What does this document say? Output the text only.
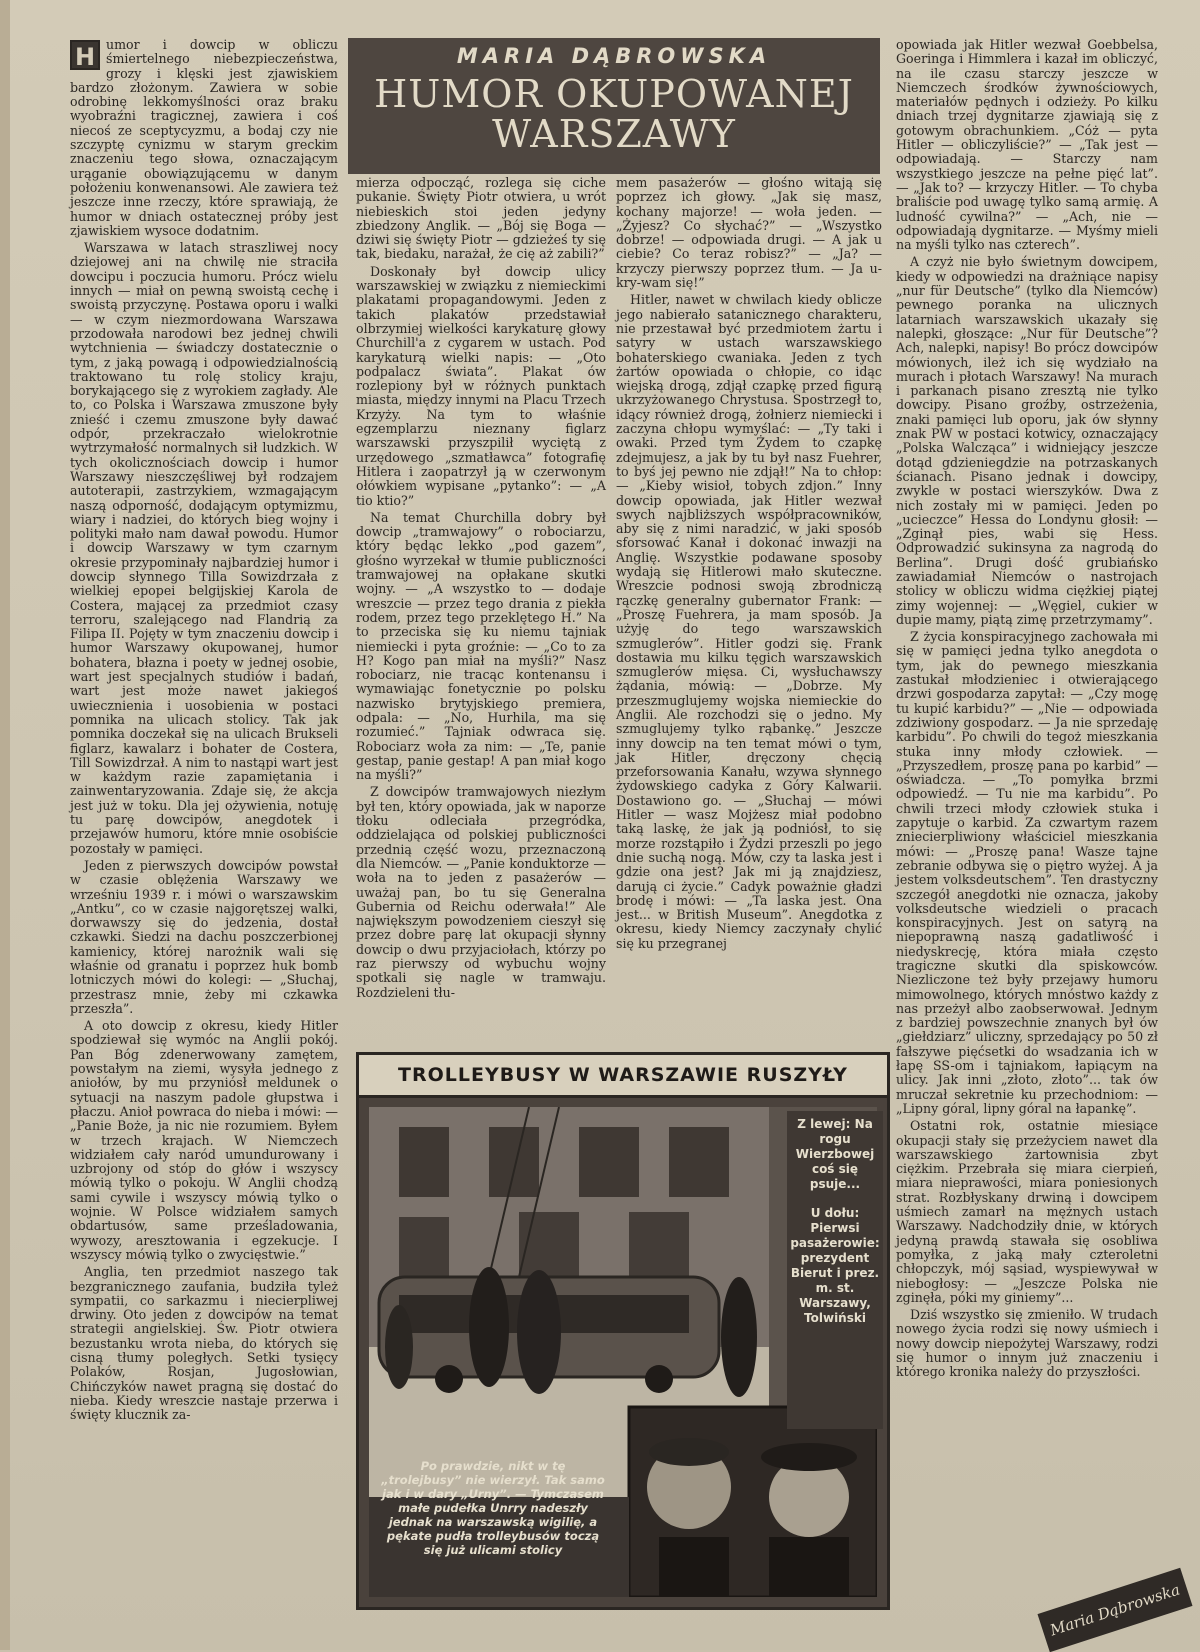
H umor i dowcip w obliczu śmiertelnego niebezpieczeństwa, grozy i klęski jest zjawiskiem bardzo złożonym. Zawiera w sobie odrobinę lekkomyślności oraz braku wyobraźni tragicznej, zawiera i coś niecoś ze sceptycyzmu, a bodaj czy nie szczyptę cynizmu w starym greckim znaczeniu tego słowa, oznaczającym urąganie obowiązującemu w danym położeniu konwenansowi. Ale zawiera też jeszcze inne rzeczy, które sprawiają, że humor w dniach ostatecznej próby jest zjawiskiem wysoce dodatnim.

Warszawa w latach straszliwej nocy dziejowej ani na chwilę nie straciła dowcipu i poczucia humoru. Prócz wielu innych — miał on pewną swoistą cechę i swoistą przyczynę. Postawa oporu i walki — w czym niezmordowana Warszawa przodowała narodowi bez jednej chwili wytchnienia — świadczy dostatecznie o tym, z jaką powagą i odpowiedzialnością traktowano tu rolę stolicy kraju, borykającego się z wyrokiem zagłady. Ale to, co Polska i Warszawa zmuszone były znieść i czemu zmuszone były dawać odpór, przekraczało wielokrotnie wytrzymałość normalnych sił ludzkich. W tych okolicznościach dowcip i humor Warszawy nieszczęśliwej był rodzajem autoterapii, zastrzykiem, wzmagającym naszą odporność, dodającym optymizmu, wiary i nadziei, do których bieg wojny i polityki mało nam dawał powodu. Humor i dowcip Warszawy w tym czarnym okresie przypominały najbardziej humor i dowcip słynnego Tilla Sowizdrzała z wielkiej epopei belgijskiej Karola de Costera, mającej za przedmiot czasy terroru, szalejącego nad Flandrią za Filipa II. Pojęty w tym znaczeniu dowcip i humor Warszawy okupowanej, humor bohatera, błazna i poety w jednej osobie, wart jest specjalnych studiów i badań, wart jest może nawet jakiegoś uwiecznienia i uosobienia w postaci pomnika na ulicach stolicy. Tak jak pomnika doczekał się na ulicach Brukseli figlarz, kawalarz i bohater de Costera, Till Sowizdrzał. A nim to nastąpi wart jest w każdym razie zapamiętania i zainwentaryzowania. Zdaje się, że akcja jest już w toku. Dla jej ożywienia, notuję tu parę dowcipów, anegdotek i przejawów humoru, które mnie osobiście pozostały w pamięci.

Jeden z pierwszych dowcipów powstał w czasie oblężenia Warszawy we wrześniu 1939 r. i mówi o warszawskim „Antku”, co w czasie najgorętszej walki, dorwawszy się do jedzenia, dostał czkawki. Siedzi na dachu poszczerbionej kamienicy, której narożnik wali się właśnie od granatu i poprzez huk bomb lotniczych mówi do kolegi: — „Słuchaj, przestrasz mnie, żeby mi czkawka przeszła”.

A oto dowcip z okresu, kiedy Hitler spodziewał się wymóc na Anglii pokój. Pan Bóg zdenerwowany zamętem, powstałym na ziemi, wysyła jednego z aniołów, by mu przyniósł meldunek o sytuacji na naszym padole głupstwa i płaczu. Anioł powraca do nieba i mówi: — „Panie Boże, ja nic nie rozumiem. Byłem w trzech krajach. W Niemczech widziałem cały naród umundurowany i uzbrojony od stóp do głów i wszyscy mówią tylko o pokoju. W Anglii chodzą sami cywile i wszyscy mówią tylko o wojnie. W Polsce widziałem samych obdartusów, same prześladowania, wywozy, aresztowania i egzekucje. I wszyscy mówią tylko o zwycięstwie.”

Anglia, ten przedmiot naszego tak bezgranicznego zaufania, budziła tyleż sympatii, co sarkazmu i niecierpliwej drwiny. Oto jeden z dowcipów na temat strategii angielskiej. Św. Piotr otwiera bezustanku wrota nieba, do których się cisną tłumy poległych. Setki tysięcy Polaków, Rosjan, Jugosłowian, Chińczyków nawet pragną się dostać do nieba. Kiedy wreszcie nastaje przerwa i święty klucznik za-

MARIA DĄBROWSKA
HUMOR OKUPOWANEJ
WARSZAWY

mierza odpocząć, rozlega się ciche pukanie. Święty Piotr otwiera, u wrót niebieskich stoi jeden jedyny zbiedzony Anglik. — „Bój się Boga — dziwi się święty Piotr — gdzieżeś ty się tak, biedaku, narażał, że cię aż zabili?”

Doskonały był dowcip ulicy warszawskiej w związku z niemieckimi plakatami propagandowymi. Jeden z takich plakatów przedstawiał olbrzymiej wielkości karykaturę głowy Churchill'a z cygarem w ustach. Pod karykaturą wielki napis: — „Oto podpalacz świata”. Plakat ów rozlepiony był w różnych punktach miasta, między innymi na Placu Trzech Krzyży. Na tym to właśnie egzemplarzu nieznany figlarz warszawski przyszpilił wyciętą z urzędowego „szmatławca” fotografię Hitlera i zaopatrzył ją w czerwonym ołówkiem wypisane „pytanko”: — „A tio ktio?”

Na temat Churchilla dobry był dowcip „tramwajowy” o robociarzu, który będąc lekko „pod gazem”, głośno wyrzekał w tłumie publiczności tramwajowej na opłakane skutki wojny. — „A wszystko to — dodaje wreszcie — przez tego drania z piekła rodem, przez tego przeklętego H.” Na to przeciska się ku niemu tajniak niemiecki i pyta groźnie: — „Co to za H? Kogo pan miał na myśli?” Nasz robociarz, nie tracąc kontenansu i wymawiając fonetycznie po polsku nazwisko brytyjskiego premiera, odpala: — „No, Hurhila, ma się rozumieć.” Tajniak odwraca się. Robociarz woła za nim: — „Te, panie gestap, panie gestap! A pan miał kogo na myśli?”

Z dowcipów tramwajowych niezłym był ten, który opowiada, jak w naporze tłoku odleciała przegródka, oddzielająca od polskiej publiczności przednią część wozu, przeznaczoną dla Niemców. — „Panie konduktorze — woła na to jeden z pasażerów — uważaj pan, bo tu się Generalna Gubernia od Reichu oderwała!” Ale największym powodzeniem cieszył się przez dobre parę lat okupacji słynny dowcip o dwu przyjaciołach, którzy po raz pierwszy od wybuchu wojny spotkali się nagle w tramwaju. Rozdzieleni tłu-

mem pasażerów — głośno witają się poprzez ich głowy. „Jak się masz, kochany majorze! — woła jeden. — „Żyjesz? Co słychać?” — „Wszystko dobrze! — odpowiada drugi. — A jak u ciebie? Co teraz robisz?” — „Ja? — krzyczy pierwszy poprzez tłum. — Ja u-kry-wam się!”

Hitler, nawet w chwilach kiedy oblicze jego nabierało satanicznego charakteru, nie przestawał być przedmiotem żartu i satyry w ustach warszawskiego bohaterskiego cwaniaka. Jeden z tych żartów opowiada o chłopie, co idąc wiejską drogą, zdjął czapkę przed figurą ukrzyżowanego Chrystusa. Spostrzegł to, idący również drogą, żołnierz niemiecki i zaczyna chłopu wymyślać: — „Ty taki i owaki. Przed tym Żydem to czapkę zdejmujesz, a jak by tu był nasz Fuehrer, to byś jej pewno nie zdjął!” Na to chłop: — „Kieby wisioł, tobych zdjon.” Inny dowcip opowiada, jak Hitler wezwał swych najbliższych współpracowników, aby się z nimi naradzić, w jaki sposób sforsować Kanał i dokonać inwazji na Anglię. Wszystkie podawane sposoby wydają się Hitlerowi mało skuteczne. Wreszcie podnosi swoją zbrodniczą rączkę generalny gubernator Frank: — „Proszę Fuehrera, ja mam sposób. Ja użyję do tego warszawskich szmuglerów”. Hitler godzi się. Frank dostawia mu kilku tęgich warszawskich szmuglerów mięsa. Ci, wysłuchawszy żądania, mówią: — „Dobrze. My przeszmuglujemy wojska niemieckie do Anglii. Ale rozchodzi się o jedno. My szmuglujemy tylko rąbankę.” Jeszcze inny dowcip na ten temat mówi o tym, jak Hitler, dręczony chęcią przeforsowania Kanału, wzywa słynnego żydowskiego cadyka z Góry Kalwarii. Dostawiono go. — „Słuchaj — mówi Hitler — wasz Mojżesz miał podobno taką laskę, że jak ją podniósł, to się morze rozstąpiło i Żydzi przeszli po jego dnie suchą nogą. Mów, czy ta laska jest i gdzie ona jest? Jak mi ją znajdziesz, darują ci życie.” Cadyk poważnie gładzi brodę i mówi: — „Ta laska jest. Ona jest... w British Museum”. Anegdotka z okresu, kiedy Niemcy zaczynały chylić się ku przegranej

opowiada jak Hitler wezwał Goebbelsa, Goeringa i Himmlera i kazał im obliczyć, na ile czasu starczy jeszcze w Niemczech środków żywnościowych, materiałów pędnych i odzieży. Po kilku dniach trzej dygnitarze zjawiają się z gotowym obrachunkiem. „Cóż — pyta Hitler — obliczyliście?” — „Tak jest — odpowiadają. — Starczy nam wszystkiego jeszcze na pełne pięć lat”. — „Jak to? — krzyczy Hitler. — To chyba braliście pod uwagę tylko samą armię. A ludność cywilna?” — „Ach, nie — odpowiadają dygnitarze. — Myśmy mieli na myśli tylko nas czterech”.

A czyż nie było świetnym dowcipem, kiedy w odpowiedzi na drażniące napisy „nur für Deutsche” (tylko dla Niemców) pewnego poranka na ulicznych latarniach warszawskich ukazały się nalepki, głoszące: „Nur für Deutsche”? Ach, nalepki, napisy! Bo prócz dowcipów mówionych, ileż ich się wydziało na murach i płotach Warszawy! Na murach i parkanach pisano zresztą nie tylko dowcipy. Pisano groźby, ostrzeżenia, znaki pamięci lub oporu, jak ów słynny znak PW w postaci kotwicy, oznaczający „Polska Walcząca” i widniejący jeszcze dotąd gdzieniegdzie na potrzaskanych ścianach. Pisano jednak i dowcipy, zwykle w postaci wierszyków. Dwa z nich zostały mi w pamięci. Jeden po „ucieczce” Hessa do Londynu głosił: — „Zginął pies, wabi się Hess. Odprowadzić sukinsyna za nagrodą do Berlina”. Drugi dość grubiańsko zawiadamiał Niemców o nastrojach stolicy w obliczu widma ciężkiej piątej zimy wojennej: — „Węgiel, cukier w dupie mamy, piątą zimę przetrzymamy”.

Z życia konspiracyjnego zachowała mi się w pamięci jedna tylko anegdota o tym, jak do pewnego mieszkania zastukał młodzieniec i otwierającego drzwi gospodarza zapytał: — „Czy mogę tu kupić karbidu?” — „Nie — odpowiada zdziwiony gospodarz. — Ja nie sprzedaję karbidu”. Po chwili do tegoż mieszkania stuka inny młody człowiek. — „Przyszedłem, proszę pana po karbid” — oświadcza. — „To pomyłka brzmi odpowiedź. — Tu nie ma karbidu”. Po chwili trzeci młody człowiek stuka i zapytuje o karbid. Za czwartym razem zniecierpliwiony właściciel mieszkania mówi: — „Proszę pana! Wasze tajne zebranie odbywa się o piętro wyżej. A ja jestem volksdeutschem”. Ten drastyczny szczegół anegdotki nie oznacza, jakoby volksdeutsche wiedzieli o pracach konspiracyjnych. Jest on satyrą na niepoprawną naszą gadatliwość i niedyskrecję, która miała często tragiczne skutki dla spiskowców. Niezliczone też były przejawy humoru mimowolnego, których mnóstwo każdy z nas przeżył albo zaobserwował. Jednym z bardziej powszechnie znanych był ów „giełdziarz” uliczny, sprzedający po 50 zł fałszywe pięćsetki do wsadzania ich w łapę SS-om i tajniakom, łapiącym na ulicy. Jak inni „złoto, złoto”... tak ów mruczał sekretnie ku przechodniom: — „Lipny góral, lipny góral na łapankę”.

Ostatni rok, ostatnie miesiące okupacji stały się przeżyciem nawet dla warszawskiego żartownisia zbyt ciężkim. Przebrała się miara cierpień, miara nieprawości, miara poniesionych strat. Rozbłyskany drwiną i dowcipem uśmiech zamarł na mężnych ustach Warszawy. Nadchodziły dnie, w których jedyną prawdą stawała się osobliwa pomyłka, z jaką mały czteroletni chłopczyk, mój sąsiad, wyspiewywał w niebogłosy: — „Jeszcze Polska nie zginęła, póki my giniemy”...

Dziś wszystko się zmieniło. W trudach nowego życia rodzi się nowy uśmiech i nowy dowcip niepożytej Warszawy, rodzi się humor o innym już znaczeniu i którego kronika należy do przyszłości.

TROLLEYBUSY W WARSZAWIE RUSZYŁY

Z lewej: Na rogu Wierzbowej coś się psuje...

U dołu: Pierwsi pasażerowie: prezydent Bierut i prez. m. st. Warszawy, Tolwiński

Po prawdzie, nikt w tę „trolejbusy” nie wierzył. Tak samo jak i w dary „Urny”. — Tymczasem małe pudełka Unrry nadeszły jednak na warszawską wigilię, a pękate pudła trolleybusów toczą się już ulicami stolicy
Maria Dąbrowska
